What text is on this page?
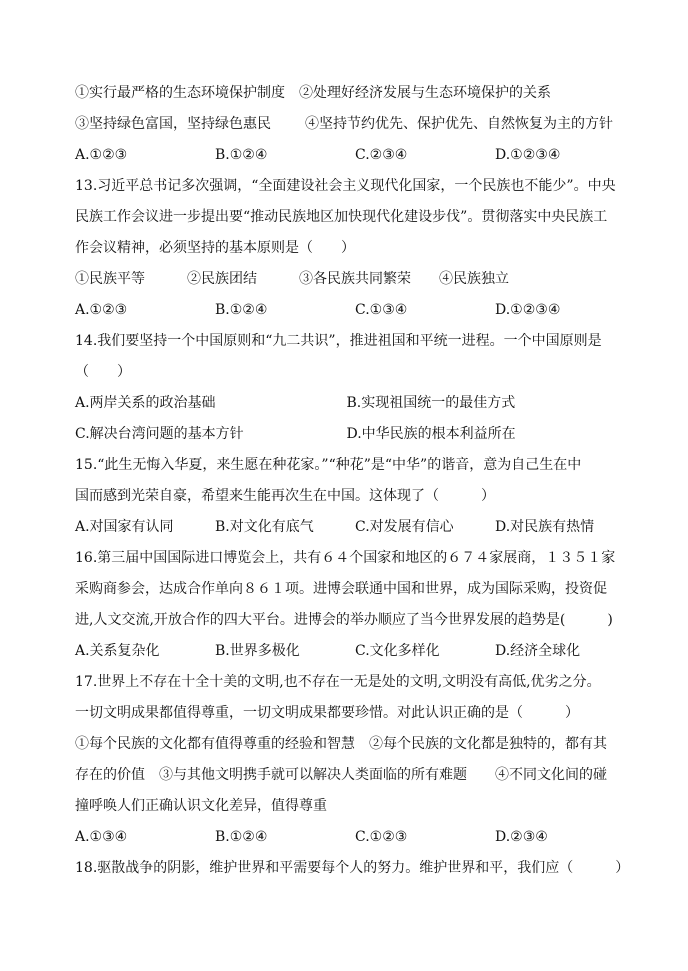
①实行最严格的生态环境保护制度 ②处理好经济发展与生态环境保护的关系
③坚持绿色富国，坚持绿色惠民 ④坚持节约优先、保护优先、自然恢复为主的方针
A.①②③	B.①②④	C.②③④	D.①②③④
13.习近平总书记多次强调，“全面建设社会主义现代化国家，一个民族也不能少”。中央
民族工作会议进一步提出要“推动民族地区加快现代化建设步伐”。贯彻落实中央民族工
作会议精神，必须坚持的基本原则是（　　）
①民族平等	②民族团结	③各民族共同繁荣	④民族独立
A.①②③	B.①②④	C.①③④	D.①②③④
14.我们要坚持一个中国原则和“九二共识”，推进祖国和平统一进程。一个中国原则是
（　　）
A.两岸关系的政治基础	B.实现祖国统一的最佳方式
C.解决台湾问题的基本方针	D.中华民族的根本利益所在
15.“此生无悔入华夏，来生愿在种花家。”“种花”是“中华”的谐音，意为自己生在中
国而感到光荣自豪，希望来生能再次生在中国。这体现了（　　　）
A.对国家有认同	B.对文化有底气	C.对发展有信心	D.对民族有热情
16.第三届中国国际进口博览会上，共有６４个国家和地区的６７４家展商，１３５１家
采购商参会，达成合作单向８６１项。进博会联通中国和世界，成为国际采购，投资促
进,人文交流,开放合作的四大平台。进博会的举办顺应了当今世界发展的趋势是(　　　)
A.关系复杂化	B.世界多极化	C.文化多样化	D.经济全球化
17.世界上不存在十全十美的文明,也不存在一无是处的文明,文明没有高低,优劣之分。
一切文明成果都值得尊重，一切文明成果都要珍惜。对此认识正确的是（　　　）
①每个民族的文化都有值得尊重的经验和智慧　②每个民族的文化都是独特的，都有其
存在的价值　③与其他文明携手就可以解决人类面临的所有难题　　④不同文化间的碰
撞呼唤人们正确认识文化差异，值得尊重
A.①③④	B.①②④	C.①②③	D.②③④
18.驱散战争的阴影，维护世界和平需要每个人的努力。维护世界和平，我们应（　　　）
